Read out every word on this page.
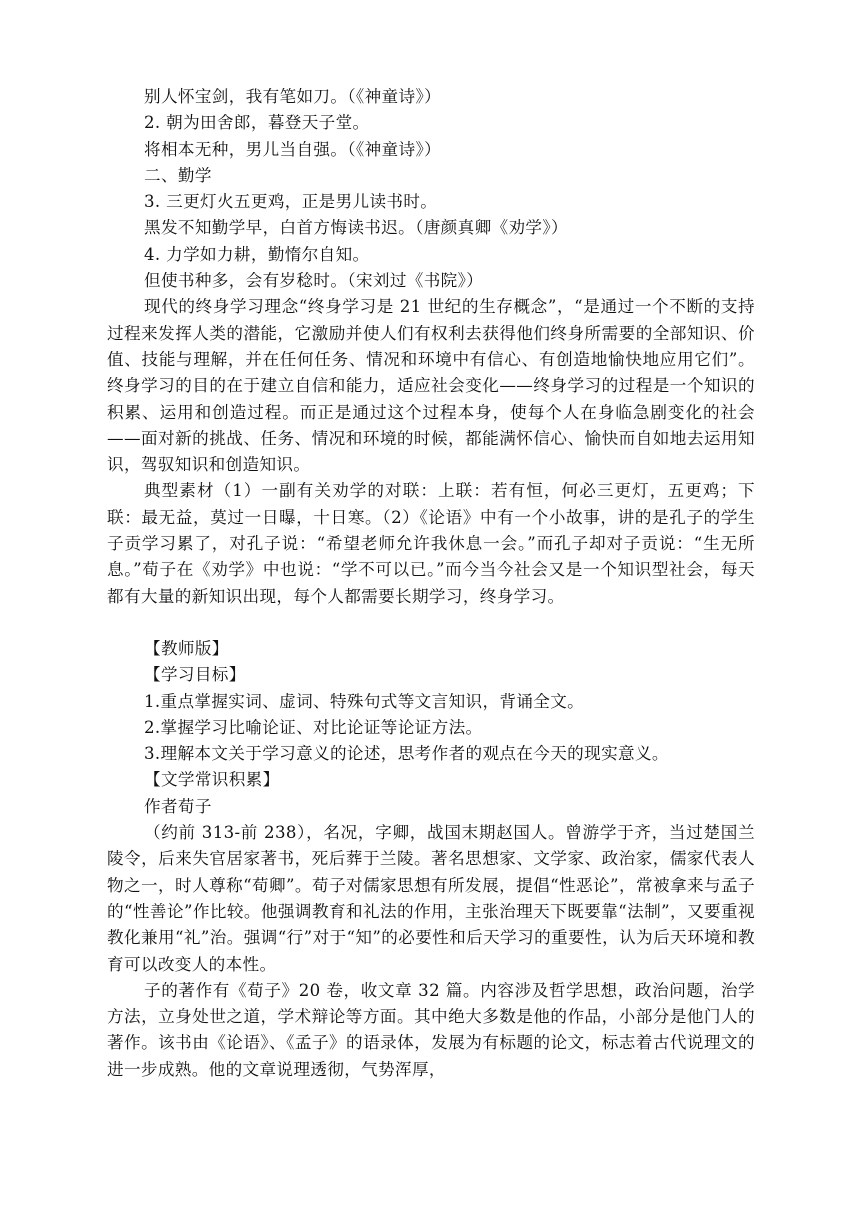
别人怀宝剑，我有笔如刀。（《神童诗》）

2. 朝为田舍郎，暮登天子堂。

将相本无种，男儿当自强。（《神童诗》）

二、勤学

3. 三更灯火五更鸡，正是男儿读书时。

黑发不知勤学早，白首方悔读书迟。（唐颜真卿《劝学》）

4. 力学如力耕，勤惰尔自知。

但使书种多，会有岁稔时。（宋刘过《书院》）

现代的终身学习理念“终身学习是 21 世纪的生存概念”，“是通过一个不断的支持过程来发挥人类的潜能，它激励并使人们有权利去获得他们终身所需要的全部知识、价值、技能与理解，并在任何任务、情况和环境中有信心、有创造地愉快地应用它们”。终身学习的目的在于建立自信和能力，适应社会变化——终身学习的过程是一个知识的积累、运用和创造过程。而正是通过这个过程本身，使每个人在身临急剧变化的社会——面对新的挑战、任务、情况和环境的时候，都能满怀信心、愉快而自如地去运用知识，驾驭知识和创造知识。

典型素材（1）一副有关劝学的对联：上联：若有恒，何必三更灯，五更鸡；下联：最无益，莫过一日曝，十日寒。（2）《论语》中有一个小故事，讲的是孔子的学生子贡学习累了，对孔子说：“希望老师允许我休息一会。”而孔子却对子贡说：“生无所息。”荀子在《劝学》中也说：“学不可以已。”而今当今社会又是一个知识型社会，每天都有大量的新知识出现，每个人都需要长期学习，终身学习。

【教师版】

【学习目标】

1.重点掌握实词、虚词、特殊句式等文言知识，背诵全文。

2.掌握学习比喻论证、对比论证等论证方法。

3.理解本文关于学习意义的论述，思考作者的观点在今天的现实意义。

【文学常识积累】

作者荀子

（约前 313-前 238），名况，字卿，战国末期赵国人。曾游学于齐，当过楚国兰陵令，后来失官居家著书，死后葬于兰陵。著名思想家、文学家、政治家，儒家代表人物之一，时人尊称“荀卿”。荀子对儒家思想有所发展，提倡“性恶论”，常被拿来与孟子的“性善论”作比较。他强调教育和礼法的作用，主张治理天下既要靠“法制”，又要重视教化兼用“礼”治。强调“行”对于“知”的必要性和后天学习的重要性，认为后天环境和教育可以改变人的本性。

子的著作有《荀子》20 卷，收文章 32 篇。内容涉及哲学思想，政治问题，治学方法，立身处世之道，学术辩论等方面。其中绝大多数是他的作品，小部分是他门人的著作。该书由《论语》、《孟子》的语录体，发展为有标题的论文，标志着古代说理文的进一步成熟。他的文章说理透彻，气势浑厚，
